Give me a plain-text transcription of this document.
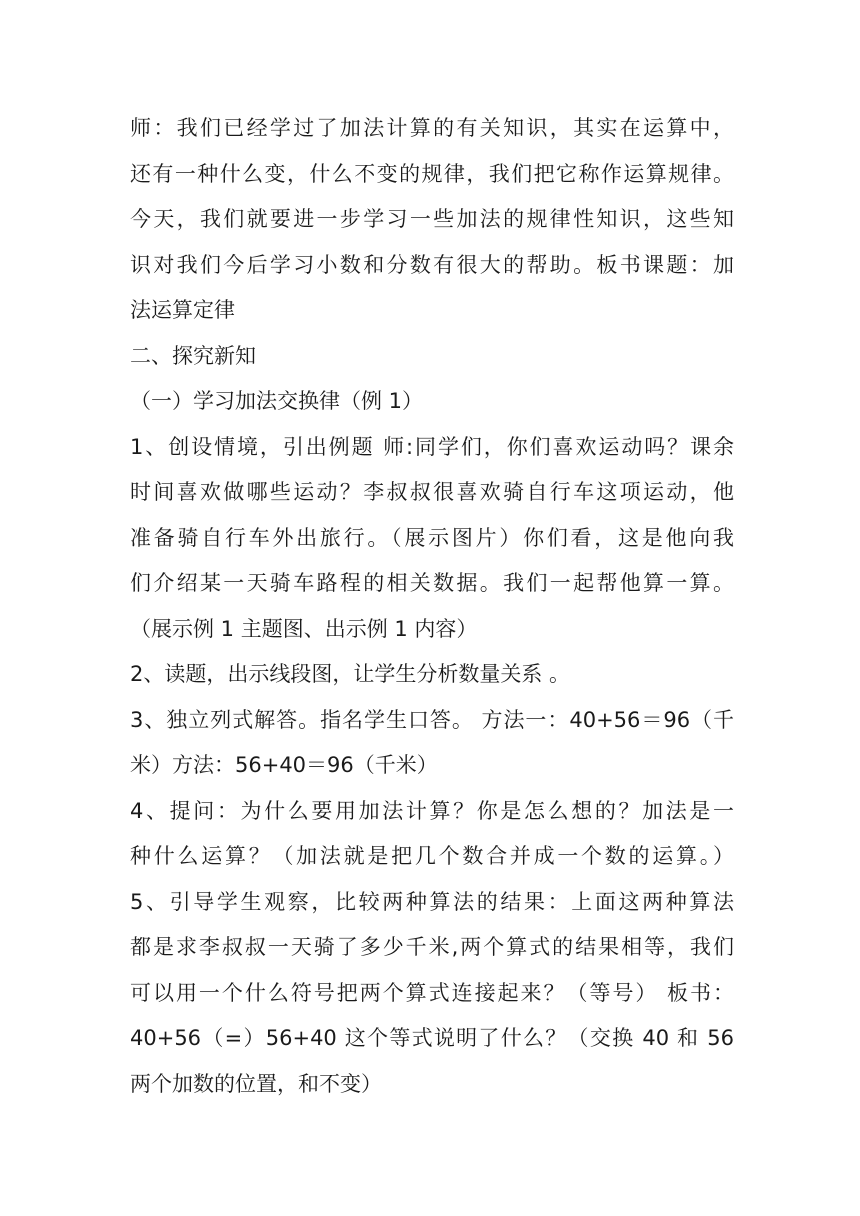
师：我们已经学过了加法计算的有关知识，其实在运算中，
还有一种什么变，什么不变的规律，我们把它称作运算规律。
今天，我们就要进一步学习一些加法的规律性知识，这些知
识对我们今后学习小数和分数有很大的帮助。板书课题：加
法运算定律
二、探究新知
（一）学习加法交换律（例 1）
1、创设情境，引出例题 师:同学们，你们喜欢运动吗？课余
时间喜欢做哪些运动？李叔叔很喜欢骑自行车这项运动，他
准备骑自行车外出旅行。（展示图片）你们看，这是他向我
们介绍某一天骑车路程的相关数据。我们一起帮他算一算。
（展示例 1 主题图、出示例 1 内容）
2、读题，出示线段图，让学生分析数量关系 。
3、独立列式解答。指名学生口答。 方法一：40+56＝96（千
米）方法：56+40＝96（千米）
4、提问：为什么要用加法计算？你是怎么想的？加法是一
种什么运算？（加法就是把几个数合并成一个数的运算。）
5、引导学生观察，比较两种算法的结果：上面这两种算法
都是求李叔叔一天骑了多少千米,两个算式的结果相等，我们
可以用一个什么符号把两个算式连接起来？（等号） 板书：
40+56（=）56+40 这个等式说明了什么？（交换 40 和 56
两个加数的位置，和不变）
